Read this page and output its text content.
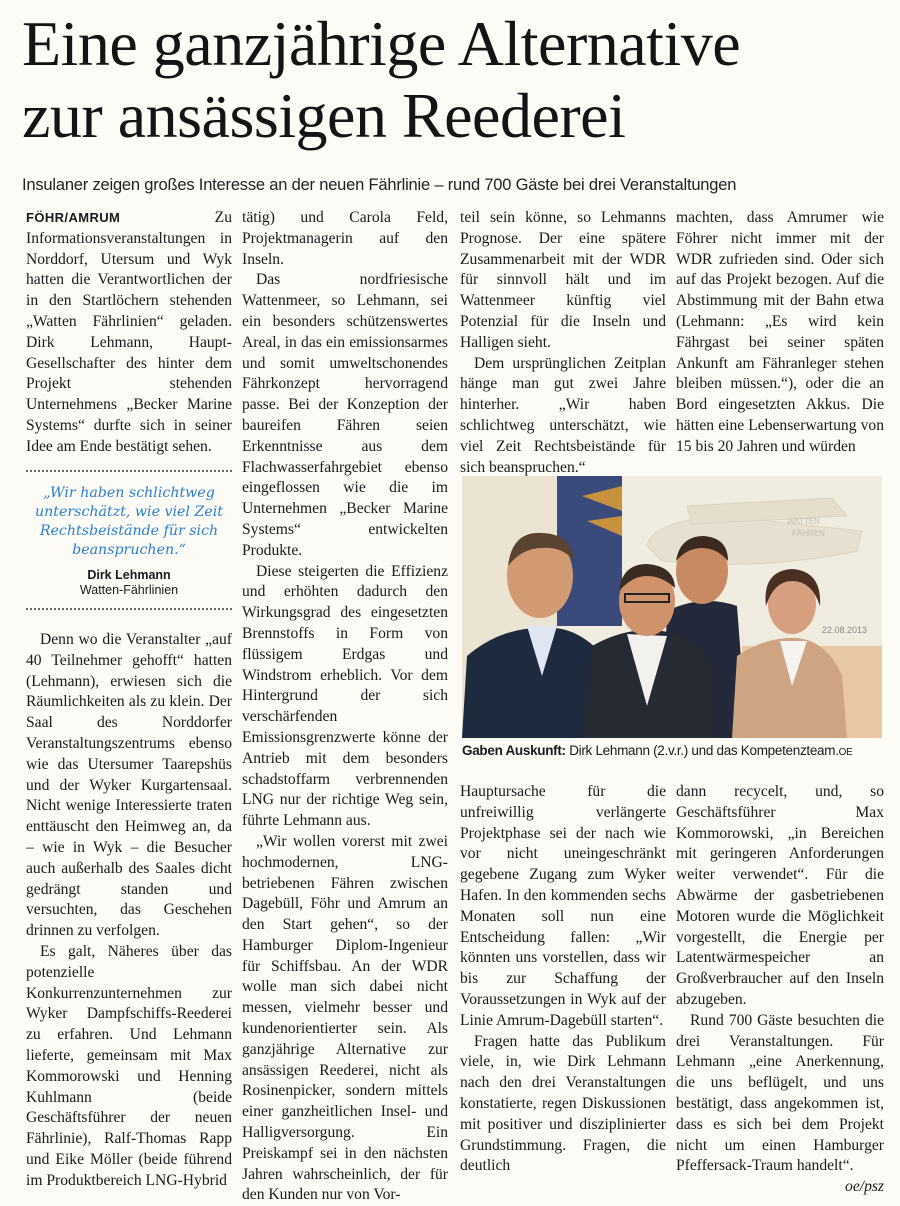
Eine ganzjährige Alternative
zur ansässigen Reederei
Insulaner zeigen großes Interesse an der neuen Fährlinie – rund 700 Gäste bei drei Veranstaltungen

FÖHR/AMRUM	Zu Informationsveranstaltungen in Norddorf, Utersum und Wyk hatten die Verantwortlichen der in den Startlöchern stehenden „Watten Fährlinien“ geladen. Dirk Lehmann, Haupt-Gesellschafter des hinter dem Projekt stehenden Unternehmens „Becker Marine Systems“ durfte sich in seiner Idee am Ende bestätigt sehen.

„Wir haben schlichtweg unterschätzt, wie viel Zeit Rechtsbeistände für sich beanspruchen.“
Dirk Lehmann
Watten-Fährlinien

Denn wo die Veranstalter „auf 40 Teilnehmer gehofft“ hatten (Lehmann), erwiesen sich die Räumlichkeiten als zu klein. Der Saal des Norddorfer Veranstaltungszentrums ebenso wie das Utersumer Taarepshüs und der Wyker Kurgartensaal. Nicht wenige Interessierte traten enttäuscht den Heimweg an, da – wie in Wyk – die Besucher auch außerhalb des Saales dicht gedrängt standen und versuchten, das Geschehen drinnen zu verfolgen.

Es galt, Näheres über das potenzielle Konkurrenzunternehmen zur Wyker Dampfschiffs-Reederei zu erfahren. Und Lehmann lieferte, gemeinsam mit Max Kommorowski und Henning Kuhlmann (beide Geschäftsführer der neuen Fährlinie), Ralf-Thomas Rapp und Eike Möller (beide führend im Produktbereich LNG-Hybrid

tätig) und Carola Feld, Projektmanagerin auf den Inseln.

Das nordfriesische Wattenmeer, so Lehmann, sei ein besonders schützenswertes Areal, in das ein emissionsarmes und somit umweltschonendes Fährkonzept hervorragend passe. Bei der Konzeption der baureifen Fähren seien Erkenntnisse aus dem Flachwasserfahrgebiet ebenso eingeflossen wie die im Unternehmen „Becker Marine Systems“ entwickelten Produkte.

Diese steigerten die Effizienz und erhöhten dadurch den Wirkungsgrad des eingesetzten Brennstoffs in Form von flüssigem Erdgas und Windstrom erheblich. Vor dem Hintergrund der sich verschärfenden Emissionsgrenzwerte könne der Antrieb mit dem besonders schadstoffarm verbrennenden LNG nur der richtige Weg sein, führte Lehmann aus.

„Wir wollen vorerst mit zwei hochmodernen, LNG-betriebenen Fähren zwischen Dagebüll, Föhr und Amrum an den Start gehen“, so der Hamburger Diplom-Ingenieur für Schiffsbau. An der WDR wolle man sich dabei nicht messen, vielmehr besser und kundenorientierter sein. Als ganzjährige Alternative zur ansässigen Reederei, nicht als Rosinenpicker, sondern mittels einer ganzheitlichen Insel- und Halligversorgung. Ein Preiskampf sei in den nächsten Jahren wahrscheinlich, der für den Kunden nur von Vor-

teil sein könne, so Lehmanns Prognose. Der eine spätere Zusammenarbeit mit der WDR für sinnvoll hält und im Wattenmeer künftig viel Potenzial für die Inseln und Halligen sieht.

Dem ursprünglichen Zeitplan hänge man gut zwei Jahre hinterher. „Wir haben schlichtweg unterschätzt, wie viel Zeit Rechtsbeistände für sich beanspruchen.“

machten, dass Amrumer wie Föhrer nicht immer mit der WDR zufrieden sind. Oder sich auf das Projekt bezogen. Auf die Abstimmung mit der Bahn etwa (Lehmann: „Es wird kein Fährgast bei seiner späten Ankunft am Fähranleger stehen bleiben müssen.“), oder die an Bord eingesetzten Akkus. Die hätten eine Lebenserwartung von 15 bis 20 Jahren und würden

WATTEN
FÄHREN
22.08.2013
Gaben Auskunft: Dirk Lehmann (2.v.r.) und das Kompetenzteam.OE

Hauptursache für die unfreiwillig verlängerte Projektphase sei der nach wie vor nicht uneingeschränkt gegebene Zugang zum Wyker Hafen. In den kommenden sechs Monaten soll nun eine Entscheidung fallen: „Wir könnten uns vorstellen, dass wir bis zur Schaffung der Voraussetzungen in Wyk auf der Linie Amrum-Dagebüll starten“.

Fragen hatte das Publikum viele, in, wie Dirk Lehmann nach den drei Veranstaltungen konstatierte, regen Diskussionen mit positiver und disziplinierter Grundstimmung. Fragen, die deutlich

dann recycelt, und, so Geschäftsführer Max Kommorowski, „in Bereichen mit geringeren Anforderungen weiter verwendet“. Für die Abwärme der gasbetriebenen Motoren wurde die Möglichkeit vorgestellt, die Energie per Latentwärmespeicher an Großverbraucher auf den Inseln abzugeben.

Rund 700 Gäste besuchten die drei Veranstaltungen. Für Lehmann „eine Anerkennung, die uns beflügelt, und uns bestätigt, dass angekommen ist, dass es sich bei dem Projekt nicht um einen Hamburger Pfeffersack-Traum handelt“.
oe/psz
